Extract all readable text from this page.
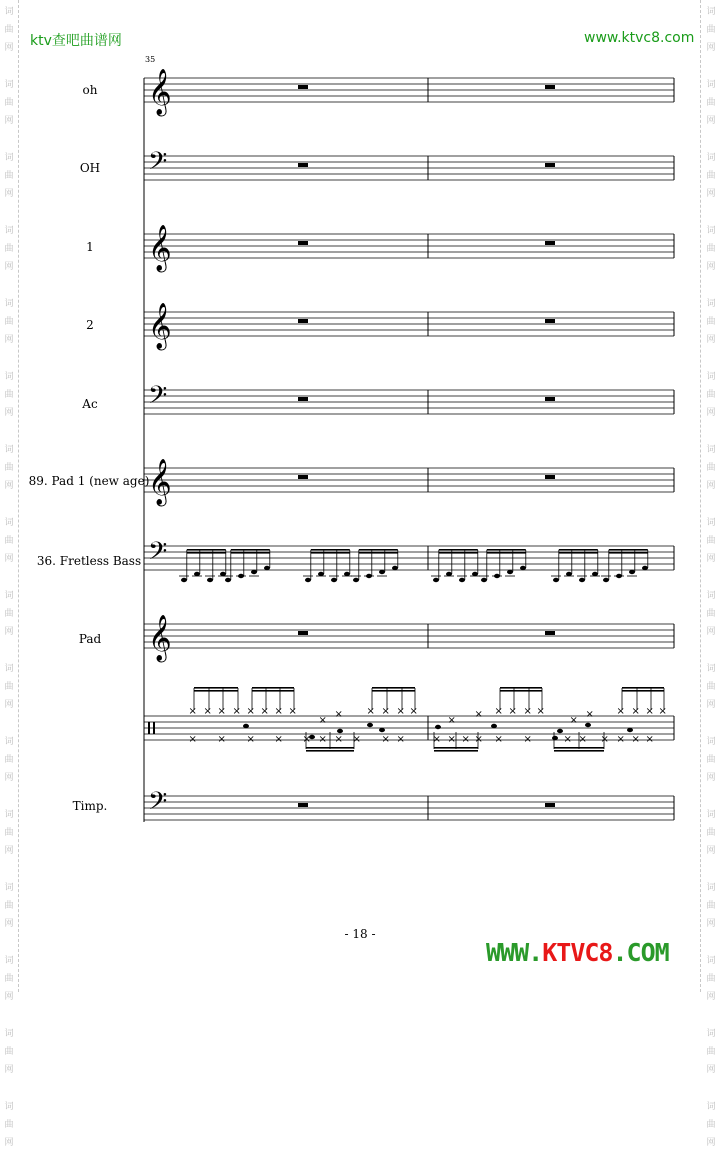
词
曲
网
词
曲
网
词
曲
网
词
曲
网
词
曲
网
词
曲
网
词
曲
网
词
曲
网
词
曲
网
词
曲
网
词
曲
网
词
曲
网
词
曲
网
词
曲
网
词
曲
网
词
曲
网
词
曲
网
词
曲
网
词
曲
网
词
曲
网
词
曲
网
词
曲
网
词
曲
网
词
曲
网
词
曲
网
词
曲
网
词
曲
网
词
曲
网
词
曲
网
词
曲
网
词
曲
网
词
曲
网
ktv查吧曲谱网	www.ktvc8.com
35
oh
OH
1
2
Ac
89. Pad 1 (new age)
36. Fretless Bass
Pad
Timp.
𝄞
𝄢
𝄞
𝄞
𝄢
𝄞
𝄢
𝄞
𝄢
× × × × × × × ×	× × × ×	× × × ×	× × × ×
×
×
×
×
×
×
× × × × × × × × × ×	× × × × × ×	× × × × × ×
- 18 -
WWW.KTVC8.COM
